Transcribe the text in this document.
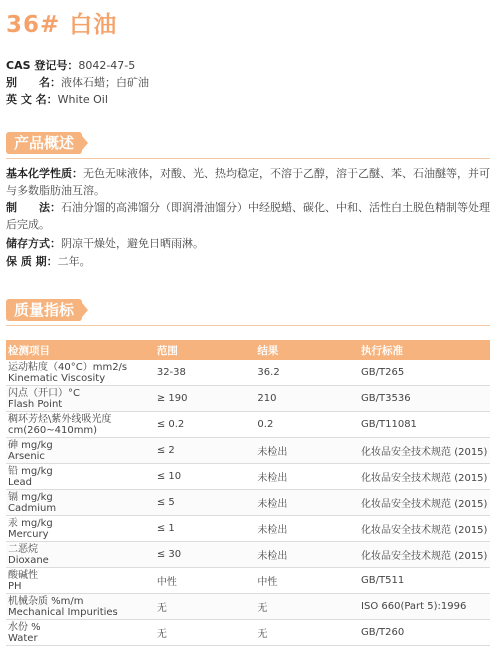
36# 白油
CAS 登记号：8042-47-5
别　　名：液体石蜡；白矿油
英 文 名：White Oil
产品概述
基本化学性质：无色无味液体，对酸、光、热均稳定，不溶于乙醇，溶于乙醚、苯、石油醚等，并可与多数脂肪油互溶。
制　　法：石油分馏的高沸馏分（即润滑油馏分）中经脱蜡、碳化、中和、活性白土脱色精制等处理后完成。
储存方式：阴凉干燥处，避免日晒雨淋。
保 质 期：二年。
质量指标
检测项目	范围	结果	执行标准

运动粘度（40°C）mm2/s
Kinematic Viscosity	32-38	36.2	GB/T265

闪点（开口）°C
Flash Point	≥ 190	210	GB/T3536

稠环芳烃\紫外线吸光度
cm(260~410mm)	≤ 0.2	0.2	GB/T11081

砷 mg/kg
Arsenic	≤ 2	未检出	化妆品安全技术规范 (2015)

铅 mg/kg
Lead	≤ 10	未检出	化妆品安全技术规范 (2015)

镉 mg/kg
Cadmium	≤ 5	未检出	化妆品安全技术规范 (2015)

汞 mg/kg
Mercury	≤ 1	未检出	化妆品安全技术规范 (2015)

二恶烷
Dioxane	≤ 30	未检出	化妆品安全技术规范 (2015)

酸碱性
PH	中性	中性	GB/T511

机械杂质 %m/m
Mechanical Impurities	无	无	ISO 660(Part 5):1996

水份 %
Water	无	无	GB/T260
